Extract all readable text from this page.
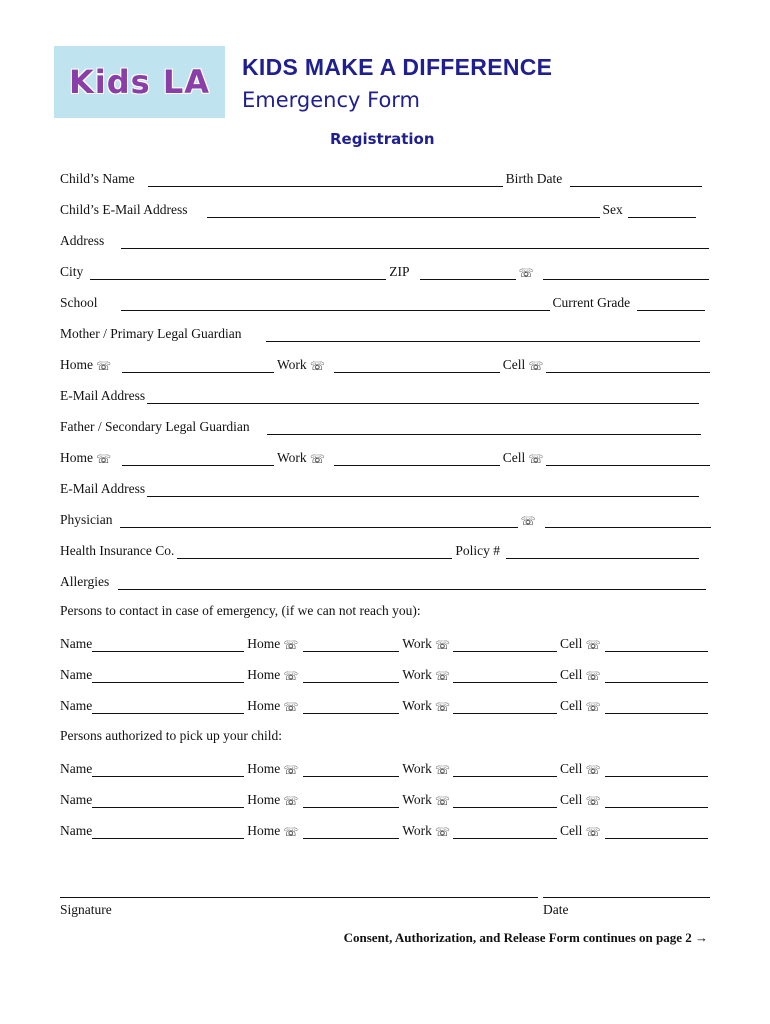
Kids LA KIDS MAKE A DIFFERENCE
Emergency Form
Registration
Child’s Name	Birth Date
Child’s E-Mail Address	Sex
Address
City	ZIP	☏
School	Current Grade
Mother / Primary Legal Guardian
Home ☏	Work ☏	Cell ☏
E-Mail Address
Father / Secondary Legal Guardian
Home ☏	Work ☏	Cell ☏
E-Mail Address
Physician	☏
Health Insurance Co.	Policy #
Allergies
Persons to contact in case of emergency, (if we can not reach you):
Name	Home ☏	Work ☏	Cell ☏
Name	Home ☏	Work ☏	Cell ☏
Name	Home ☏	Work ☏	Cell ☏
Persons authorized to pick up your child:
Name	Home ☏	Work ☏	Cell ☏
Name	Home ☏	Work ☏	Cell ☏
Name	Home ☏	Work ☏	Cell ☏
Signature	Date
Consent, Authorization, and Release Form continues on page 2 →
